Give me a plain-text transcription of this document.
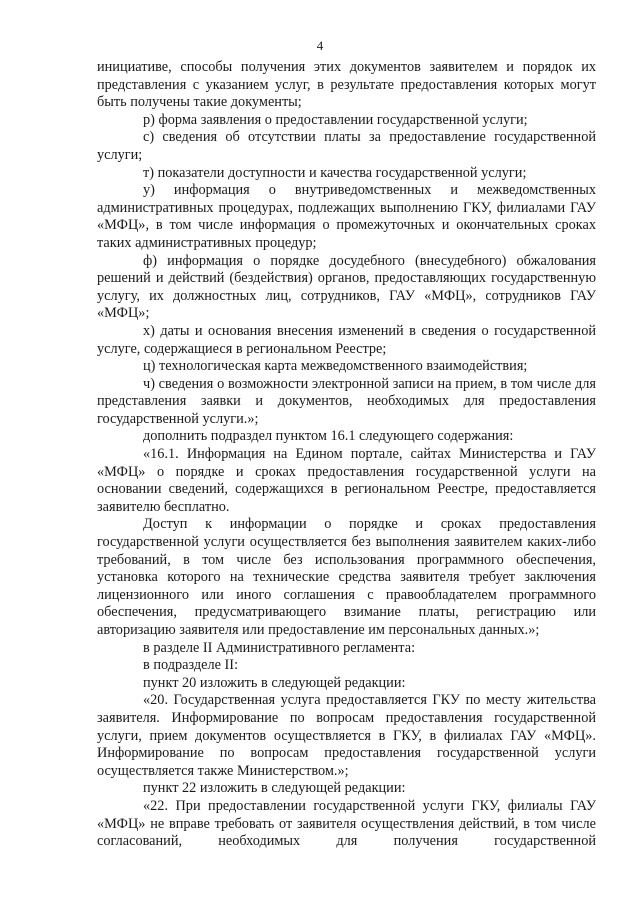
4

инициативе, способы получения этих документов заявителем и порядок их представления с указанием услуг, в результате предоставления которых могут быть получены такие документы;

р) форма заявления о предоставлении государственной услуги;

с) сведения об отсутствии платы за предоставление государственной услуги;

т) показатели доступности и качества государственной услуги;

у) информация о внутриведомственных и межведомственных административных процедурах, подлежащих выполнению ГКУ, филиалами ГАУ «МФЦ», в том числе информация о промежуточных и окончательных сроках таких административных процедур;

ф) информация о порядке досудебного (внесудебного) обжалования решений и действий (бездействия) органов, предоставляющих государственную услугу, их должностных лиц, сотрудников, ГАУ «МФЦ», сотрудников ГАУ «МФЦ»;

х) даты и основания внесения изменений в сведения о государственной услуге, содержащиеся в региональном Реестре;

ц) технологическая карта межведомственного взаимодействия;

ч) сведения о возможности электронной записи на прием, в том числе для представления заявки и документов, необходимых для предоставления государственной услуги.»;

дополнить подраздел пунктом 16.1 следующего содержания:

«16.1. Информация на Едином портале, сайтах Министерства и ГАУ «МФЦ» о порядке и сроках предоставления государственной услуги на основании сведений, содержащихся в региональном Реестре, предоставляется заявителю бесплатно.

Доступ к информации о порядке и сроках предоставления государственной услуги осуществляется без выполнения заявителем каких-либо требований, в том числе без использования программного обеспечения, установка которого на технические средства заявителя требует заключения лицензионного или иного соглашения с правообладателем программного обеспечения, предусматривающего взимание платы, регистрацию или авторизацию заявителя или предоставление им персональных данных.»;

в разделе II Административного регламента:

в подразделе II:

пункт 20 изложить в следующей редакции:

«20. Государственная услуга предоставляется ГКУ по месту жительства заявителя. Информирование по вопросам предоставления государственной услуги, прием документов осуществляется в ГКУ, в филиалах ГАУ «МФЦ». Информирование по вопросам предоставления государственной услуги осуществляется также Министерством.»;

пункт 22 изложить в следующей редакции:

«22. При предоставлении государственной услуги ГКУ, филиалы ГАУ «МФЦ» не вправе требовать от заявителя осуществления действий, в том числе согласований, необходимых для получения государственной
